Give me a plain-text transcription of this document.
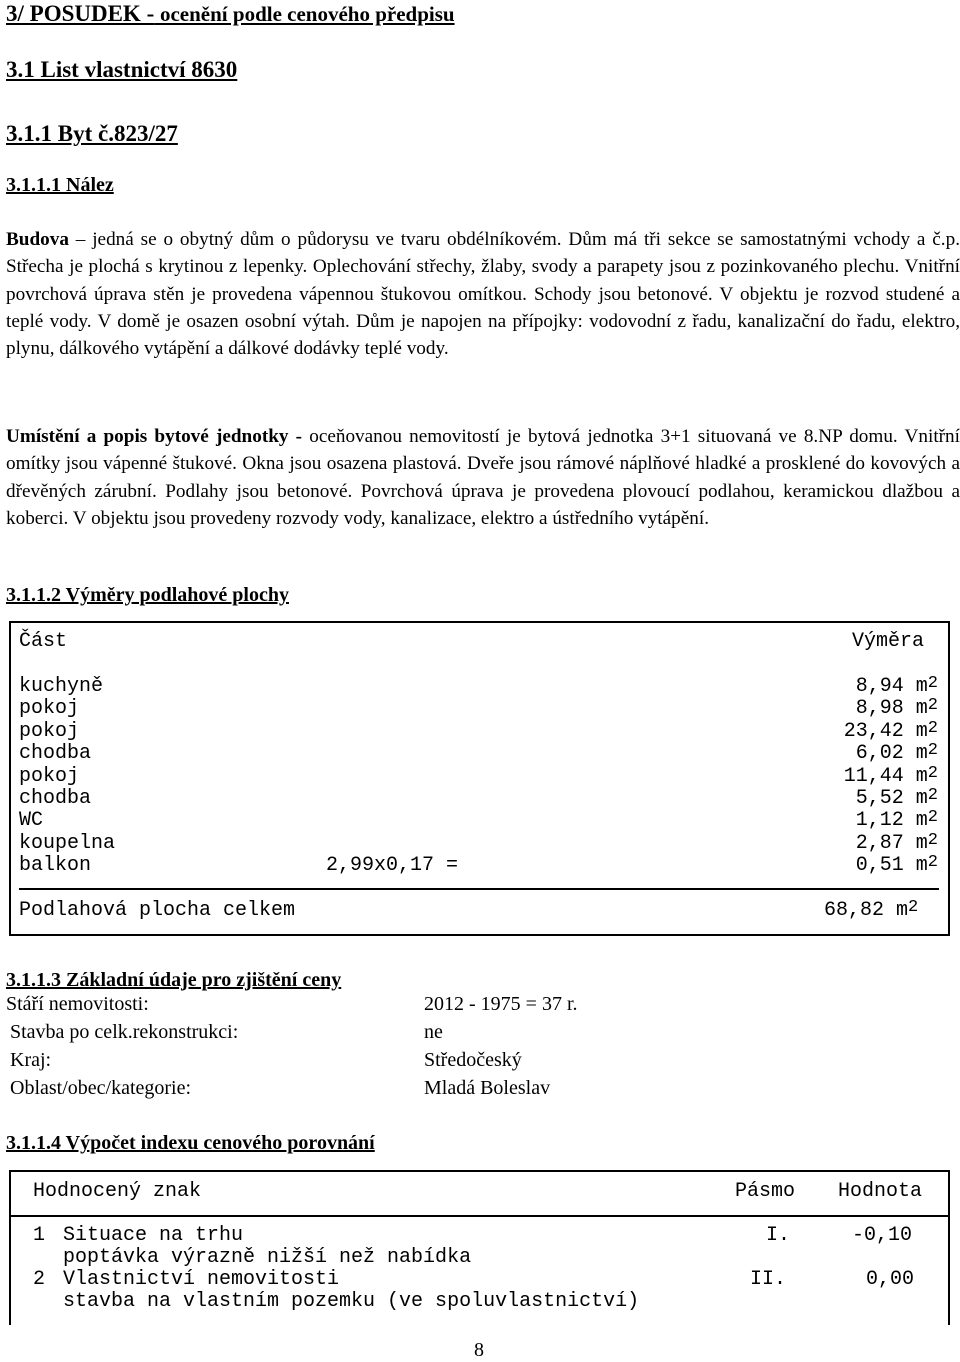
3/ POSUDEK - ocenění podle cenového předpisu
3.1 List vlastnictví 8630
3.1.1 Byt č.823/27
3.1.1.1 Nález

Budova – jedná se o obytný dům o půdorysu ve tvaru obdélníkovém. Dům má tři sekce se samostatnými vchody a č.p. Střecha je plochá s krytinou z lepenky. Oplechování střechy, žlaby, svody a parapety jsou z pozinkovaného plechu. Vnitřní povrchová úprava stěn je provedena vápennou štukovou omítkou. Schody jsou betonové. V objektu je rozvod studené a teplé vody. V domě je osazen osobní výtah. Dům je napojen na přípojky: vodovodní z řadu, kanalizační do řadu, elektro, plynu, dálkového vytápění a dálkové dodávky teplé vody.

Umístění a popis bytové jednotky - oceňovanou nemovitostí je bytová jednotka 3+1 situovaná ve 8.NP domu. Vnitřní omítky jsou vápenné štukové. Okna jsou osazena plastová. Dveře jsou rámové náplňové hladké a prosklené do kovových a dřevěných zárubní. Podlahy jsou betonové. Povrchová úprava je provedena plovoucí podlahou, keramickou dlažbou a koberci. V objektu jsou provedeny rozvody vody, kanalizace, elektro a ústředního vytápění.

3.1.1.2 Výměry podlahové plochy
Část	Výměra
kuchyně	8,94 $m^2$
pokoj	8,98 $m^2$
pokoj	23,42 $m^2$
chodba	6,02 $m^2$
pokoj	11,44 $m^2$
chodba	5,52 $m^2$
WC	1,12 $m^2$
koupelna	2,87 $m^2$
balkon	2,99x0,17 =	0,51 $m^2$
Podlahová plocha celkem	68,82 $m^2$
3.1.1.3 Základní údaje pro zjištění ceny
Stáří nemovitosti:	2012 - 1975 = 37 r.
Stavba po celk.rekonstrukci:	ne
Kraj:	Středočeský
Oblast/obec/kategorie:	Mladá Boleslav
3.1.1.4 Výpočet indexu cenového porovnání
Hodnocený znak	Pásmo Hodnota
1 Situace na trhu	I.	-0,10
poptávka výrazně nižší než nabídka
2 Vlastnictví nemovitosti	II.	0,00
stavba na vlastním pozemku (ve spoluvlastnictví)
8
